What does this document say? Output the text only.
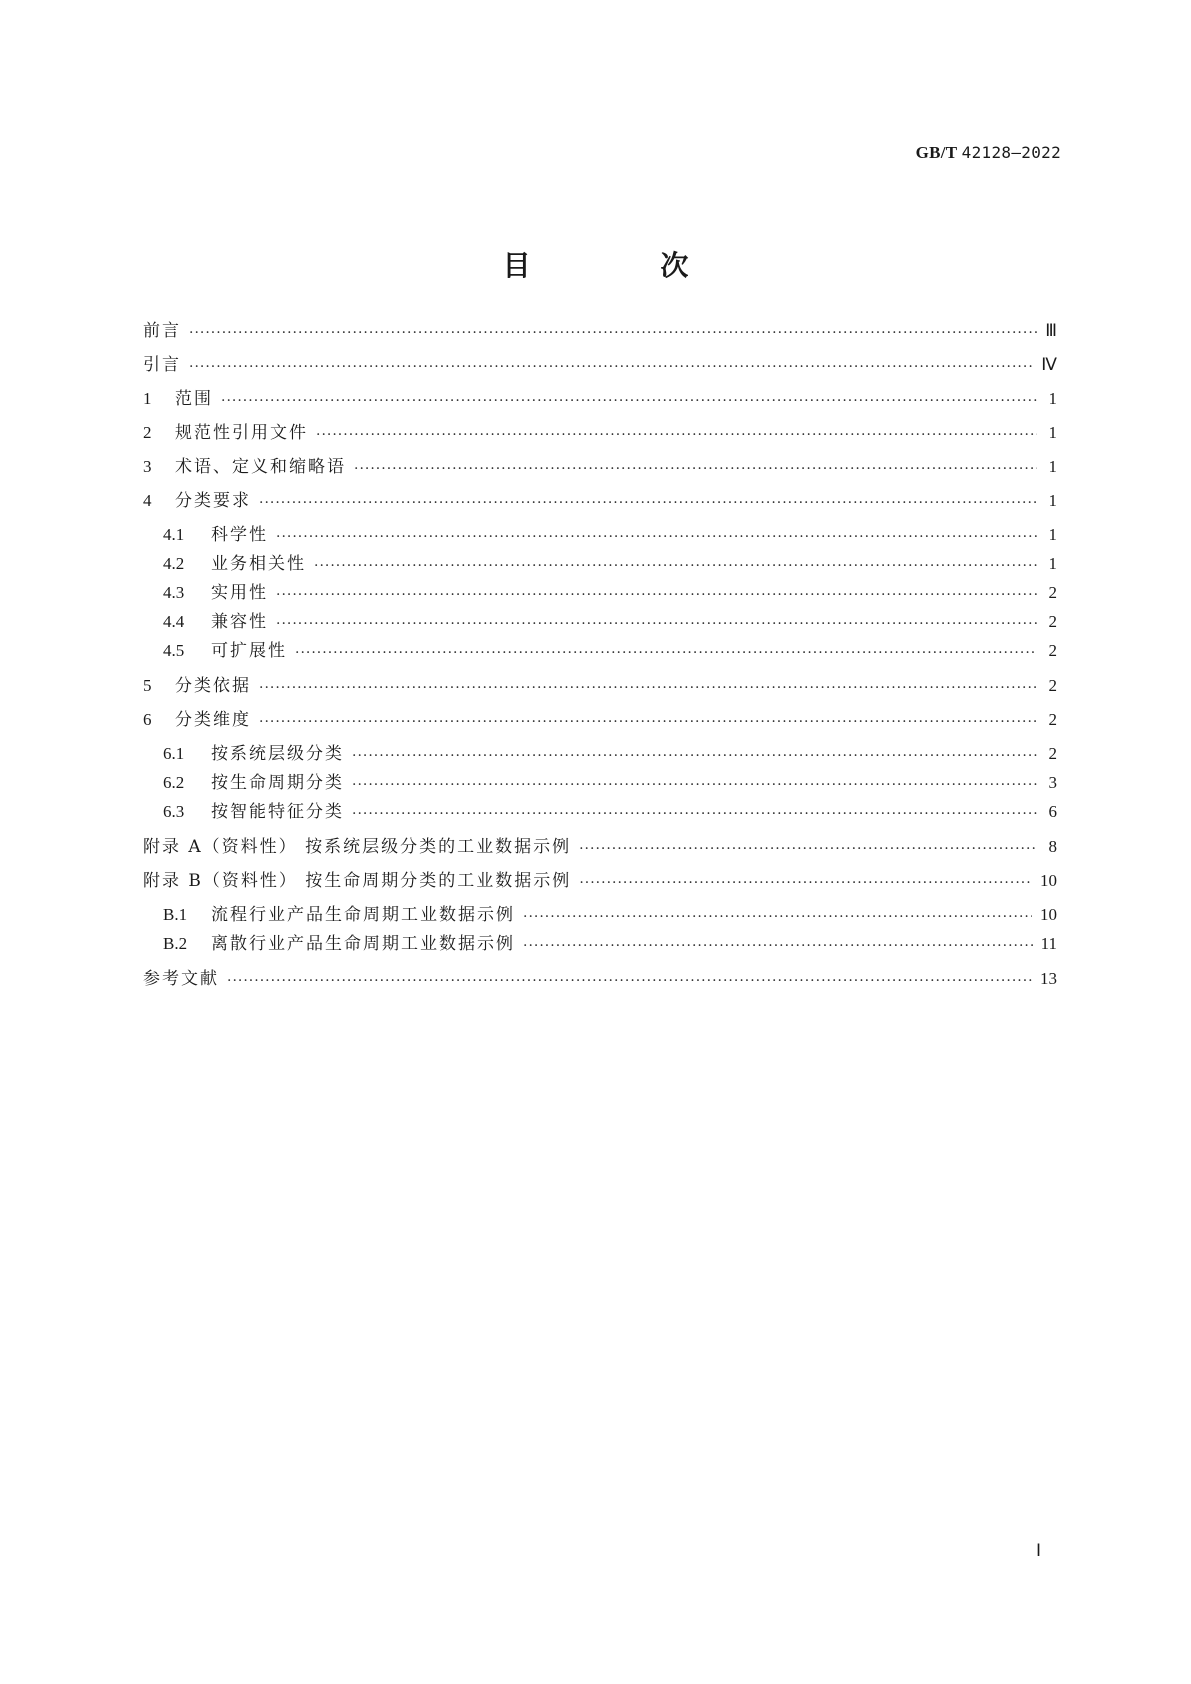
GB/T 42128—2022
目 次
前言 ·····	Ⅲ
引言 ·····	Ⅳ
1 范围 ·····	1
2 规范性引用文件 ·····	1
3 术语、定义和缩略语 ·····	1
4 分类要求 ·····	1
4.1 科学性 ·····	1
4.2 业务相关性 ·····	1
4.3 实用性 ·····	2
4.4 兼容性 ·····	2
4.5 可扩展性 ·····	2
5 分类依据 ·····	2
6 分类维度 ·····	2
6.1 按系统层级分类 ·····	2
6.2 按生命周期分类 ·····	3
6.3 按智能特征分类 ·····	6
附录 A（资料性） 按系统层级分类的工业数据示例 ·····	8
附录 B（资料性） 按生命周期分类的工业数据示例 ·····	10
B.1 流程行业产品生命周期工业数据示例 ·····	10
B.2 离散行业产品生命周期工业数据示例 ·····	11
参考文献 ·····	13
Ⅰ
